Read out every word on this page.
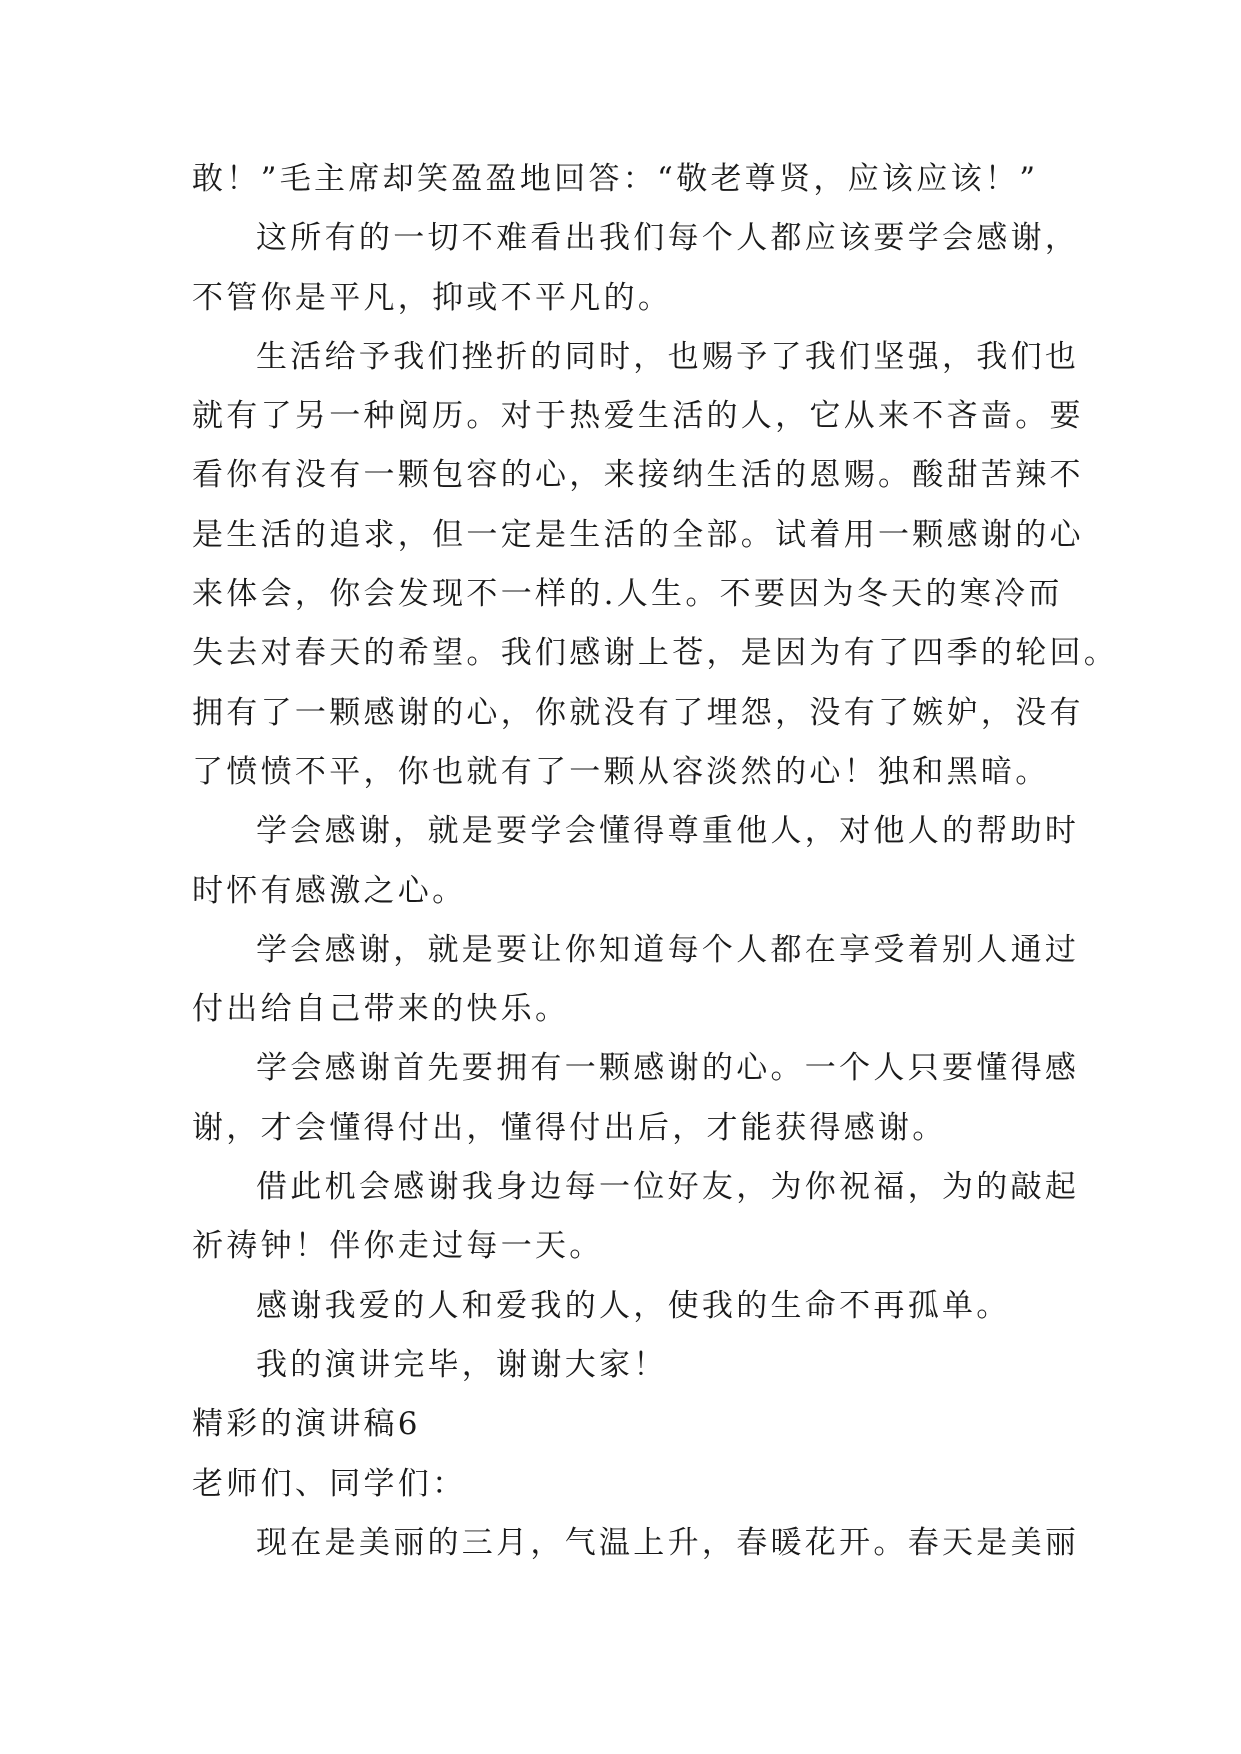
敢！”毛主席却笑盈盈地回答：“敬老尊贤，应该应该！”
这所有的一切不难看出我们每个人都应该要学会感谢，
不管你是平凡，抑或不平凡的。
生活给予我们挫折的同时，也赐予了我们坚强，我们也
就有了另一种阅历。对于热爱生活的人，它从来不吝啬。要
看你有没有一颗包容的心，来接纳生活的恩赐。酸甜苦辣不
是生活的追求，但一定是生活的全部。试着用一颗感谢的心
来体会，你会发现不一样的.人生。不要因为冬天的寒冷而
失去对春天的希望。我们感谢上苍，是因为有了四季的轮回。
拥有了一颗感谢的心，你就没有了埋怨，没有了嫉妒，没有
了愤愤不平，你也就有了一颗从容淡然的心！独和黑暗。
学会感谢，就是要学会懂得尊重他人，对他人的帮助时
时怀有感激之心。
学会感谢，就是要让你知道每个人都在享受着别人通过
付出给自己带来的快乐。
学会感谢首先要拥有一颗感谢的心。一个人只要懂得感
谢，才会懂得付出，懂得付出后，才能获得感谢。
借此机会感谢我身边每一位好友，为你祝福，为的敲起
祈祷钟！伴你走过每一天。
感谢我爱的人和爱我的人，使我的生命不再孤单。
我的演讲完毕，谢谢大家！
精彩的演讲稿6
老师们、同学们：
现在是美丽的三月，气温上升，春暖花开。春天是美丽
